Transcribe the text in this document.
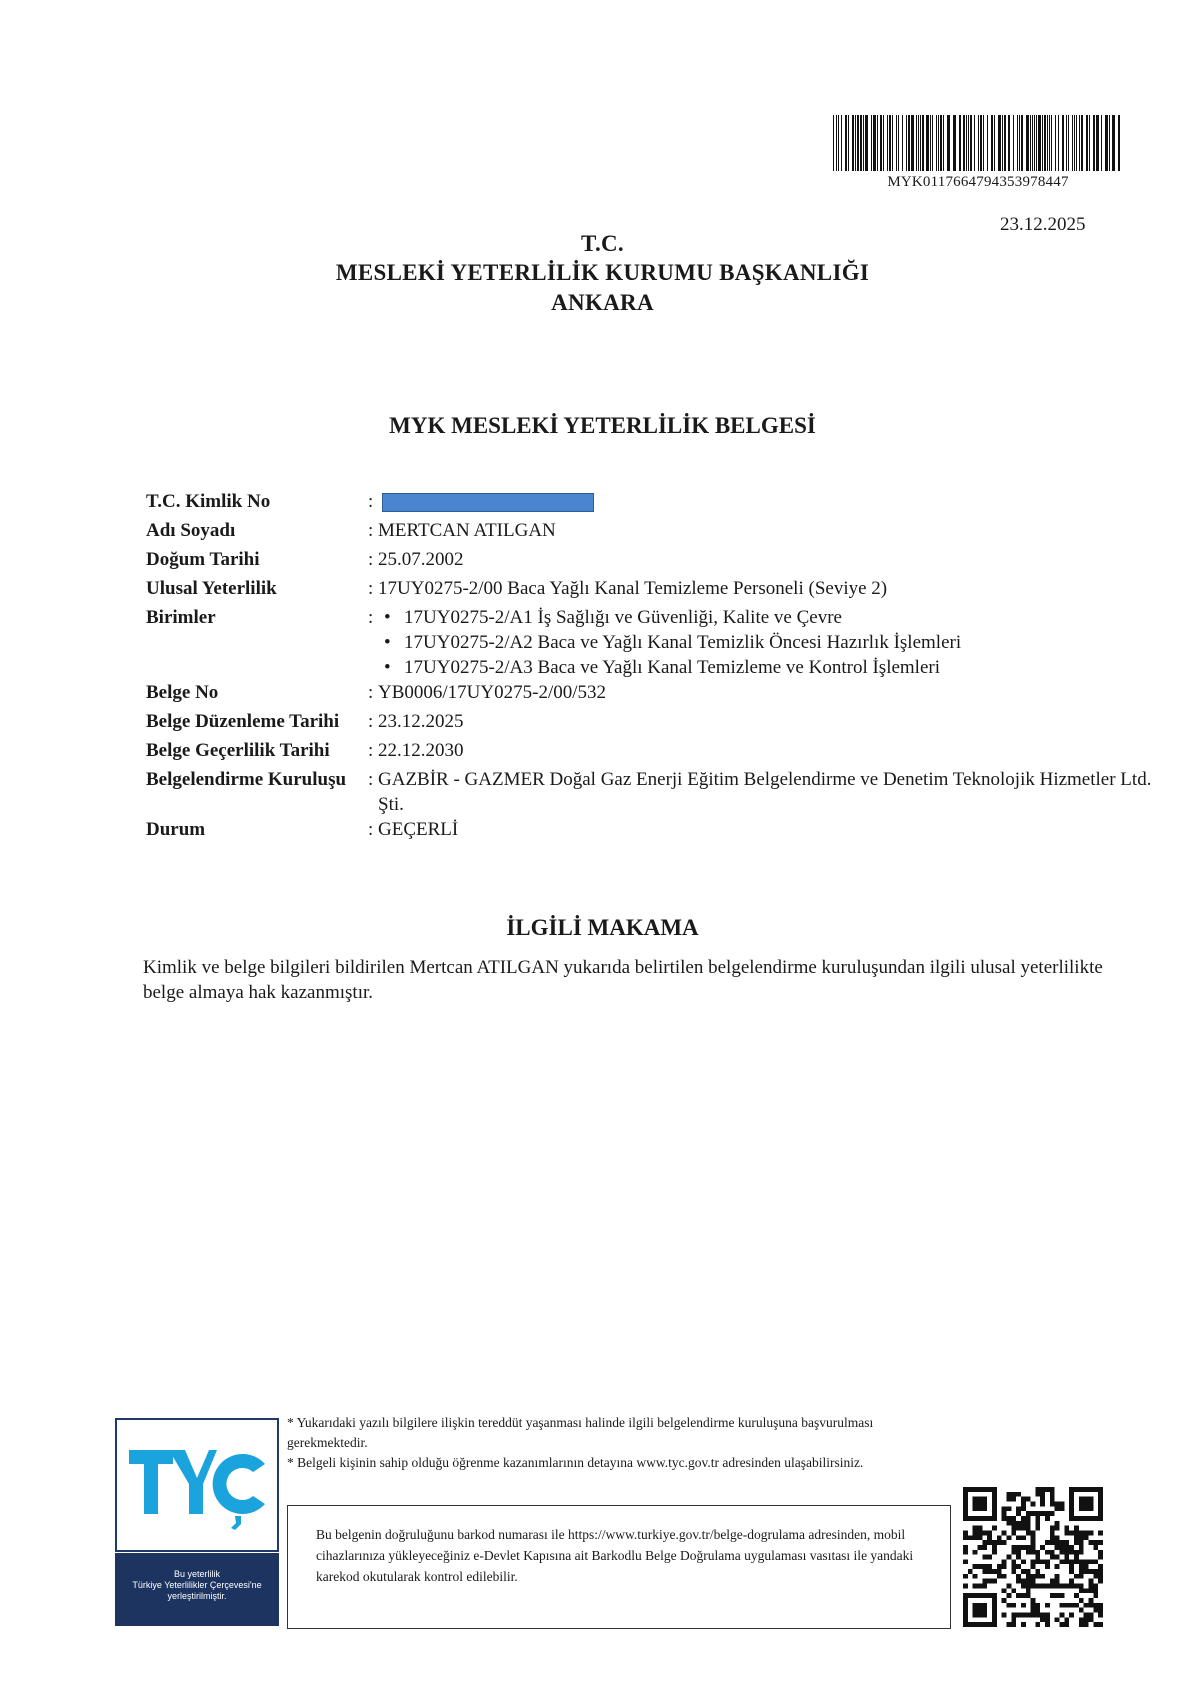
MYK0117664794353978447
23.12.2025
T.C.
MESLEKİ YETERLİLİK KURUMU BAŞKANLIĞI
ANKARA
MYK MESLEKİ YETERLİLİK BELGESİ
T.C. Kimlik No	:
Adı Soyadı	: MERTCAN ATILGAN
Doğum Tarihi	: 25.07.2002
Ulusal Yeterlilik	: 17UY0275-2/00 Baca Yağlı Kanal Temizleme Personeli (Seviye 2)
Birimler	:
•	17UY0275-2/A1 İş Sağlığı ve Güvenliği, Kalite ve Çevre
• 17UY0275-2/A2 Baca ve Yağlı Kanal Temizlik Öncesi Hazırlık İşlemleri
• 17UY0275-2/A3 Baca ve Yağlı Kanal Temizleme ve Kontrol İşlemleri
Belge No	: YB0006/17UY0275-2/00/532
Belge Düzenleme Tarihi	: 23.12.2025
Belge Geçerlilik Tarihi	: 22.12.2030
Belgelendirme Kuruluşu	: GAZBİR - GAZMER Doğal Gaz Enerji Eğitim Belgelendirme ve Denetim Teknolojik Hizmetler Ltd. Şti.
Durum	: GEÇERLİ
İLGİLİ MAKAMA
Kimlik ve belge bilgileri bildirilen Mertcan ATILGAN yukarıda belirtilen belgelendirme kuruluşundan ilgili ulusal yeterlilikte belge almaya hak kazanmıştır.
TYÇ
Bu yeterlilik
Türkiye Yeterlilikler Çerçevesi'ne
yerleştirilmiştir.
* Yukarıdaki yazılı bilgilere ilişkin tereddüt yaşanması halinde ilgili belgelendirme kuruluşuna başvurulması gerekmektedir.
* Belgeli kişinin sahip olduğu öğrenme kazanımlarının detayına www.tyc.gov.tr adresinden ulaşabilirsiniz.
Bu belgenin doğruluğunu barkod numarası ile https://www.turkiye.gov.tr/belge-dogrulama adresinden, mobil cihazlarınıza yükleyeceğiniz e-Devlet Kapısına ait Barkodlu Belge Doğrulama uygulaması vasıtası ile yandaki karekod okutularak kontrol edilebilir.
